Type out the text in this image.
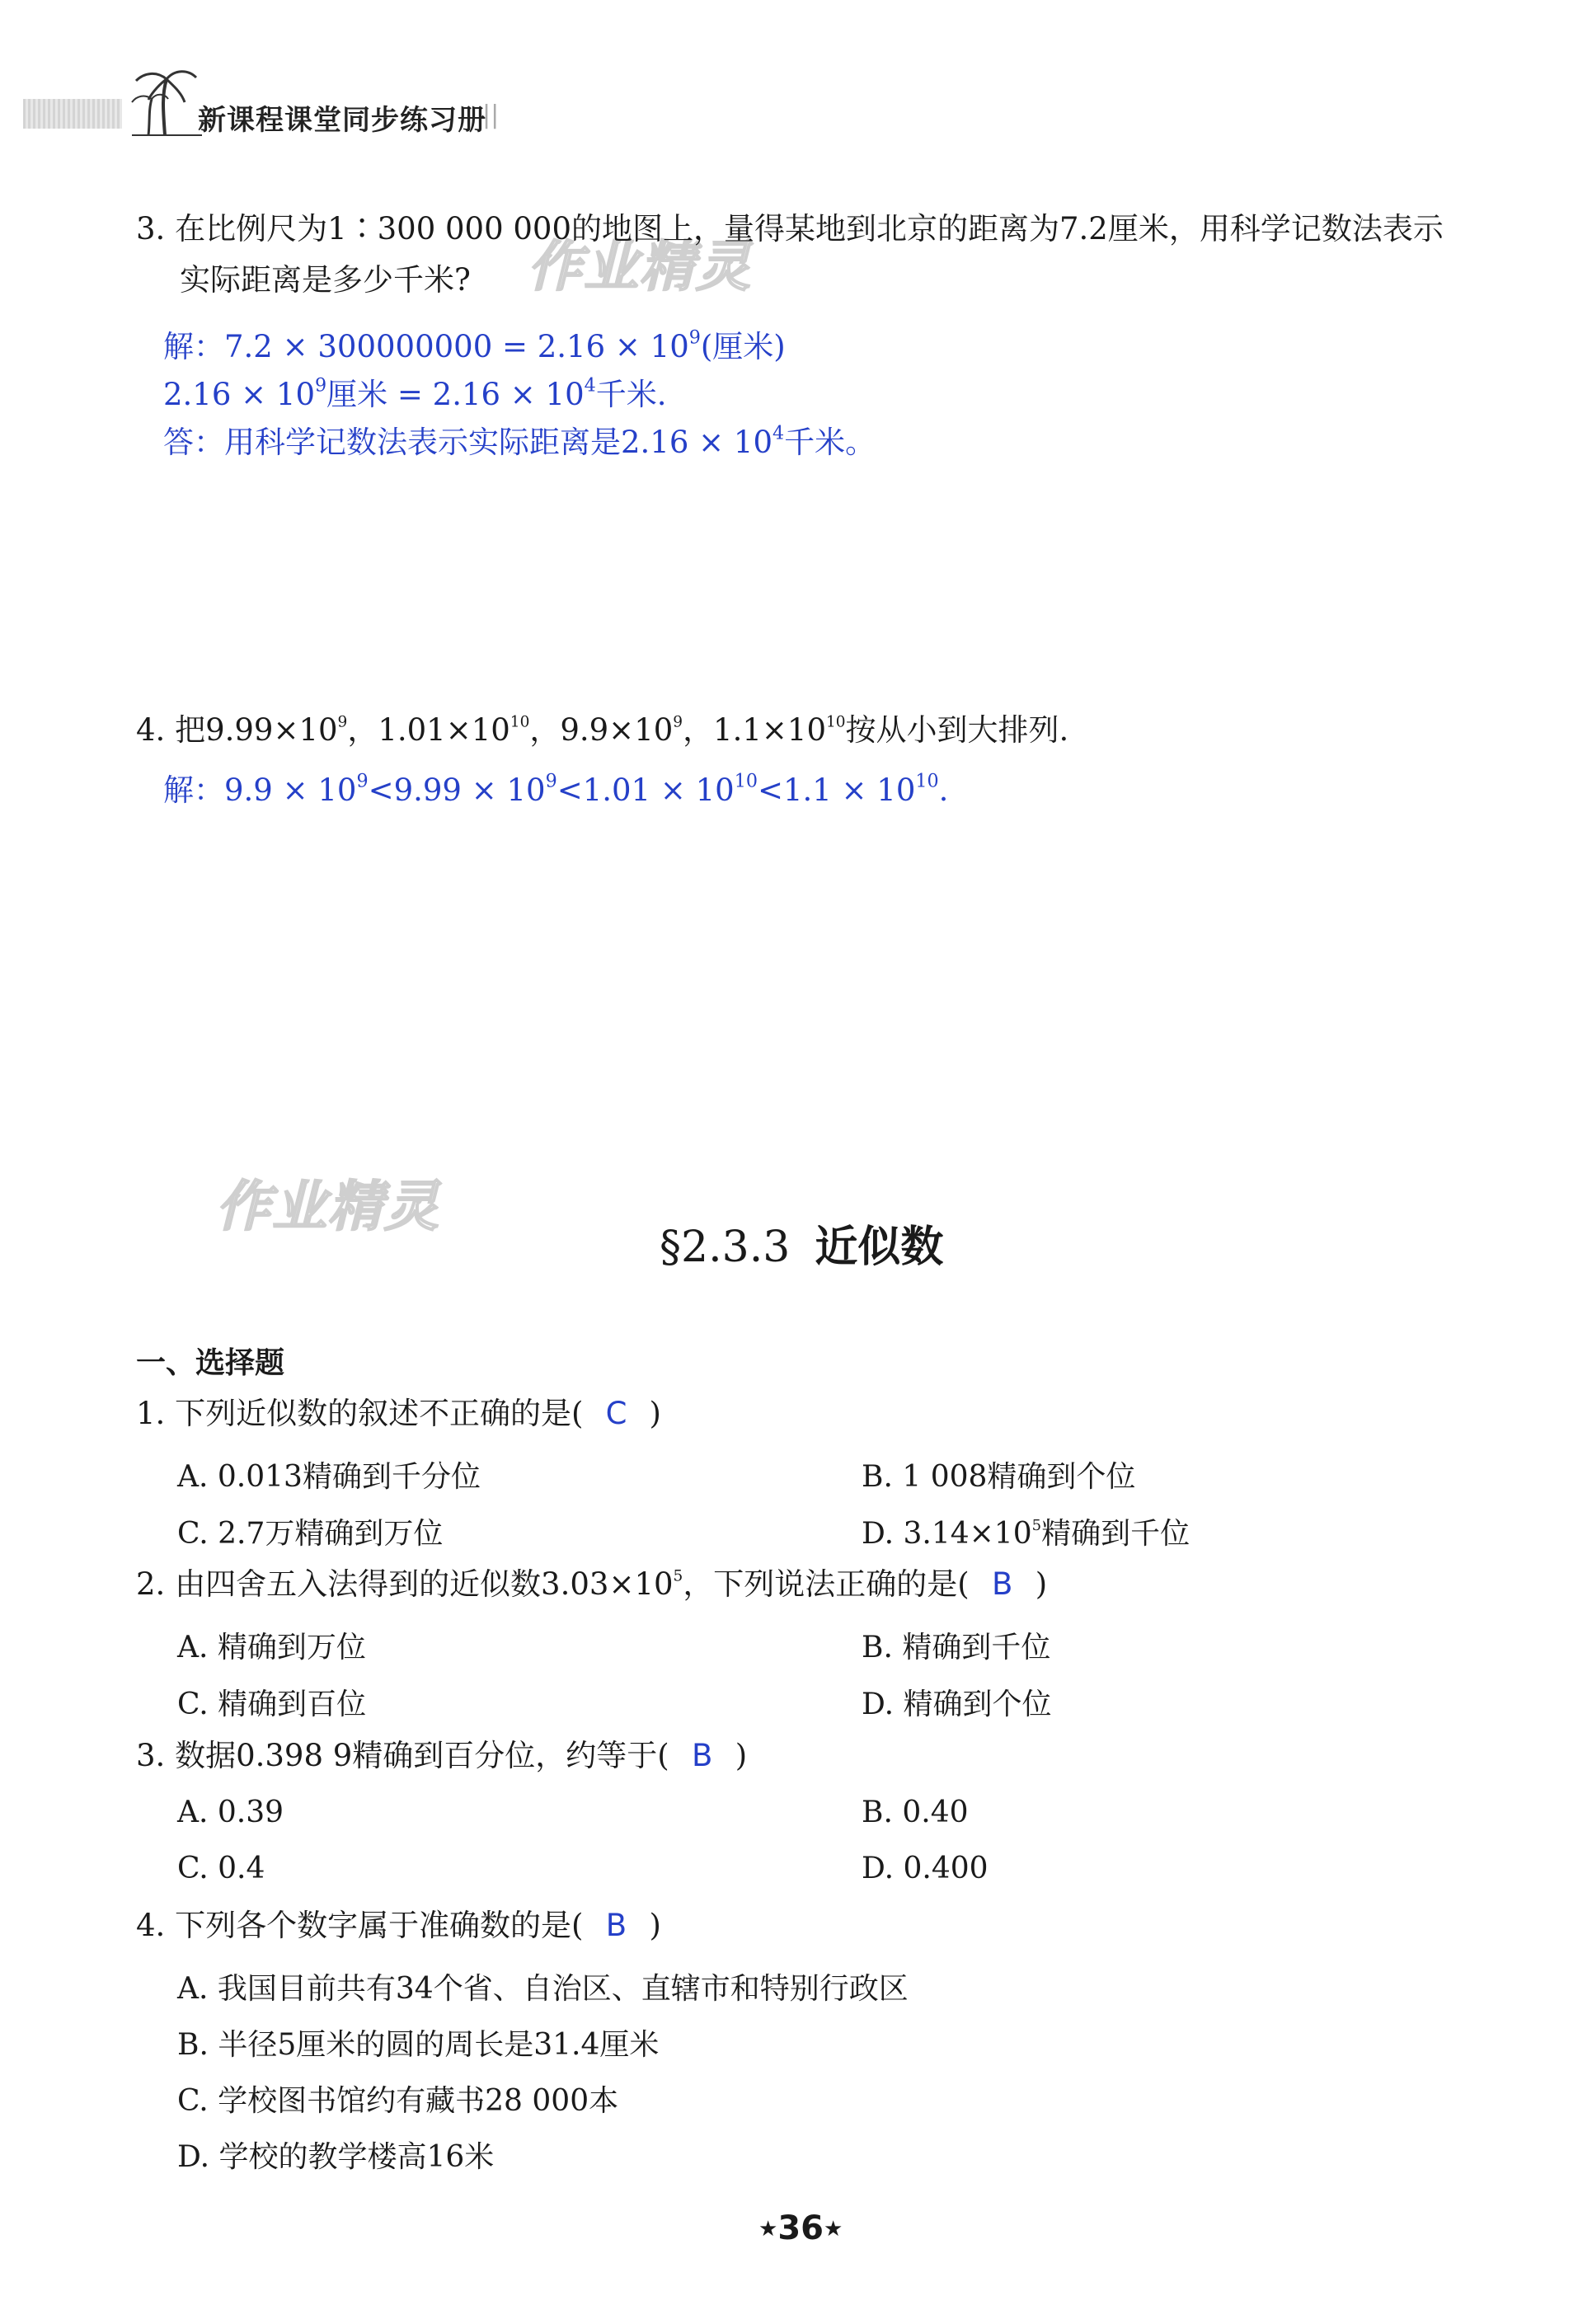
新课程课堂同步练习册
||
作业精灵
作业精灵
3. 在比例尺为1∶300 000 000的地图上，量得某地到北京的距离为7.2厘米，用科学记数法表示
实际距离是多少千米?
解：$7.2 \times 300000000 = 2.16 \times 10^9$(厘米)
$2.16 \times 10^9$厘米 = $2.16 \times 10^4$千米.
答：用科学记数法表示实际距离是$2.16 \times 10^4$千米。
4. 把$9.99\times 10^9$，$1.01\times 10^{10}$，$9.9\times 10^9$，$1.1\times 10^{10}$按从小到大排列.
解：$9.9 \times 10^9<9.99 \times 10^9<1.01 \times 10^{10}<1.1 \times 10^{10}$.
§2.3.3 近似数
一、选择题
1. 下列近似数的叙述不正确的是( C )
A. 0.013精确到千分位	B. 1 008精确到个位
C. 2.7万精确到万位	D. $3.14\times 10^5$精确到千位
2. 由四舍五入法得到的近似数$3.03\times 10^5$，下列说法正确的是( B )
A. 精确到万位	B. 精确到千位
C. 精确到百位	D. 精确到个位
3. 数据0.398 9精确到百分位，约等于( B )
A. 0.39	B. 0.40
C. 0.4	D. 0.400
4. 下列各个数字属于准确数的是( B )
A. 我国目前共有34个省、自治区、直辖市和特别行政区
B. 半径5厘米的圆的周长是31.4厘米
C. 学校图书馆约有藏书28 000本
D. 学校的教学楼高16米
★36★
